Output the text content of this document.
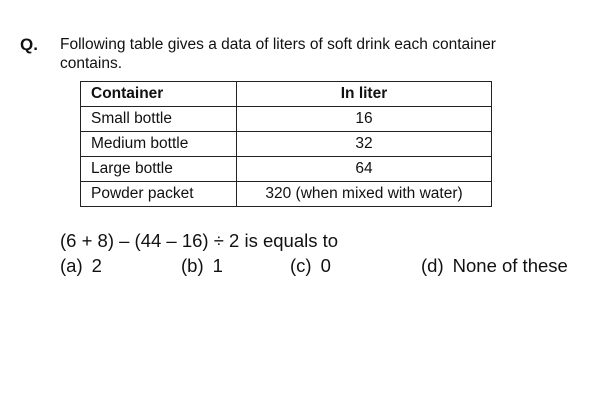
Q. Following table gives a data of liters of soft drink each container contains.
Container	In liter
Small bottle	16
Medium bottle	32
Large bottle	64
Powder packet	320 (when mixed with water)
(6 + 8) – (44 – 16) ÷ 2 is equals to
(a) 2	(b) 1	(c) 0	(d) None of these
